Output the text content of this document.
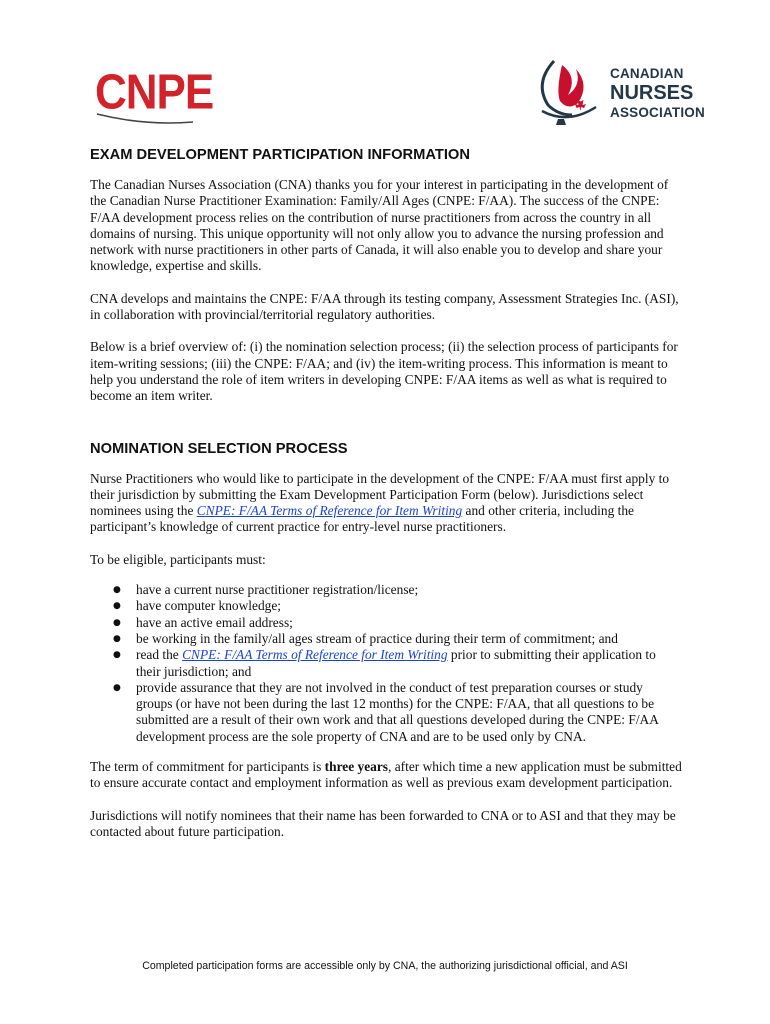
CNPE	CANADIAN
NURSES
ASSOCIATION
EXAM DEVELOPMENT PARTICIPATION INFORMATION

The Canadian Nurses Association (CNA) thanks you for your interest in participating in the development of the Canadian Nurse Practitioner Examination: Family/All Ages (CNPE: F/AA). The success of the CNPE: F/AA development process relies on the contribution of nurse practitioners from across the country in all domains of nursing. This unique opportunity will not only allow you to advance the nursing profession and network with nurse practitioners in other parts of Canada, it will also enable you to develop and share your knowledge, expertise and skills.

CNA develops and maintains the CNPE: F/AA through its testing company, Assessment Strategies Inc. (ASI), in collaboration with provincial/territorial regulatory authorities.

Below is a brief overview of: (i) the nomination selection process; (ii) the selection process of participants for item-writing sessions; (iii) the CNPE: F/AA; and (iv) the item-writing process. This information is meant to help you understand the role of item writers in developing CNPE: F/AA items as well as what is required to become an item writer.

NOMINATION SELECTION PROCESS

Nurse Practitioners who would like to participate in the development of the CNPE: F/AA must first apply to their jurisdiction by submitting the Exam Development Participation Form (below). Jurisdictions select nominees using the CNPE: F/AA Terms of Reference for Item Writing and other criteria, including the participant’s knowledge of current practice for entry-level nurse practitioners.

To be eligible, participants must:

● have a current nurse practitioner registration/license;
● have computer knowledge;
● have an active email address;
● be working in the family/all ages stream of practice during their term of commitment; and
● read the CNPE: F/AA Terms of Reference for Item Writing prior to submitting their application to their jurisdiction; and
● provide assurance that they are not involved in the conduct of test preparation courses or study groups (or have not been during the last 12 months) for the CNPE: F/AA, that all questions to be submitted are a result of their own work and that all questions developed during the CNPE: F/AA development process are the sole property of CNA and are to be used only by CNA.

The term of commitment for participants is three years, after which time a new application must be submitted to ensure accurate contact and employment information as well as previous exam development participation.

Jurisdictions will notify nominees that their name has been forwarded to CNA or to ASI and that they may be contacted about future participation.

Completed participation forms are accessible only by CNA, the authorizing jurisdictional official, and ASI
